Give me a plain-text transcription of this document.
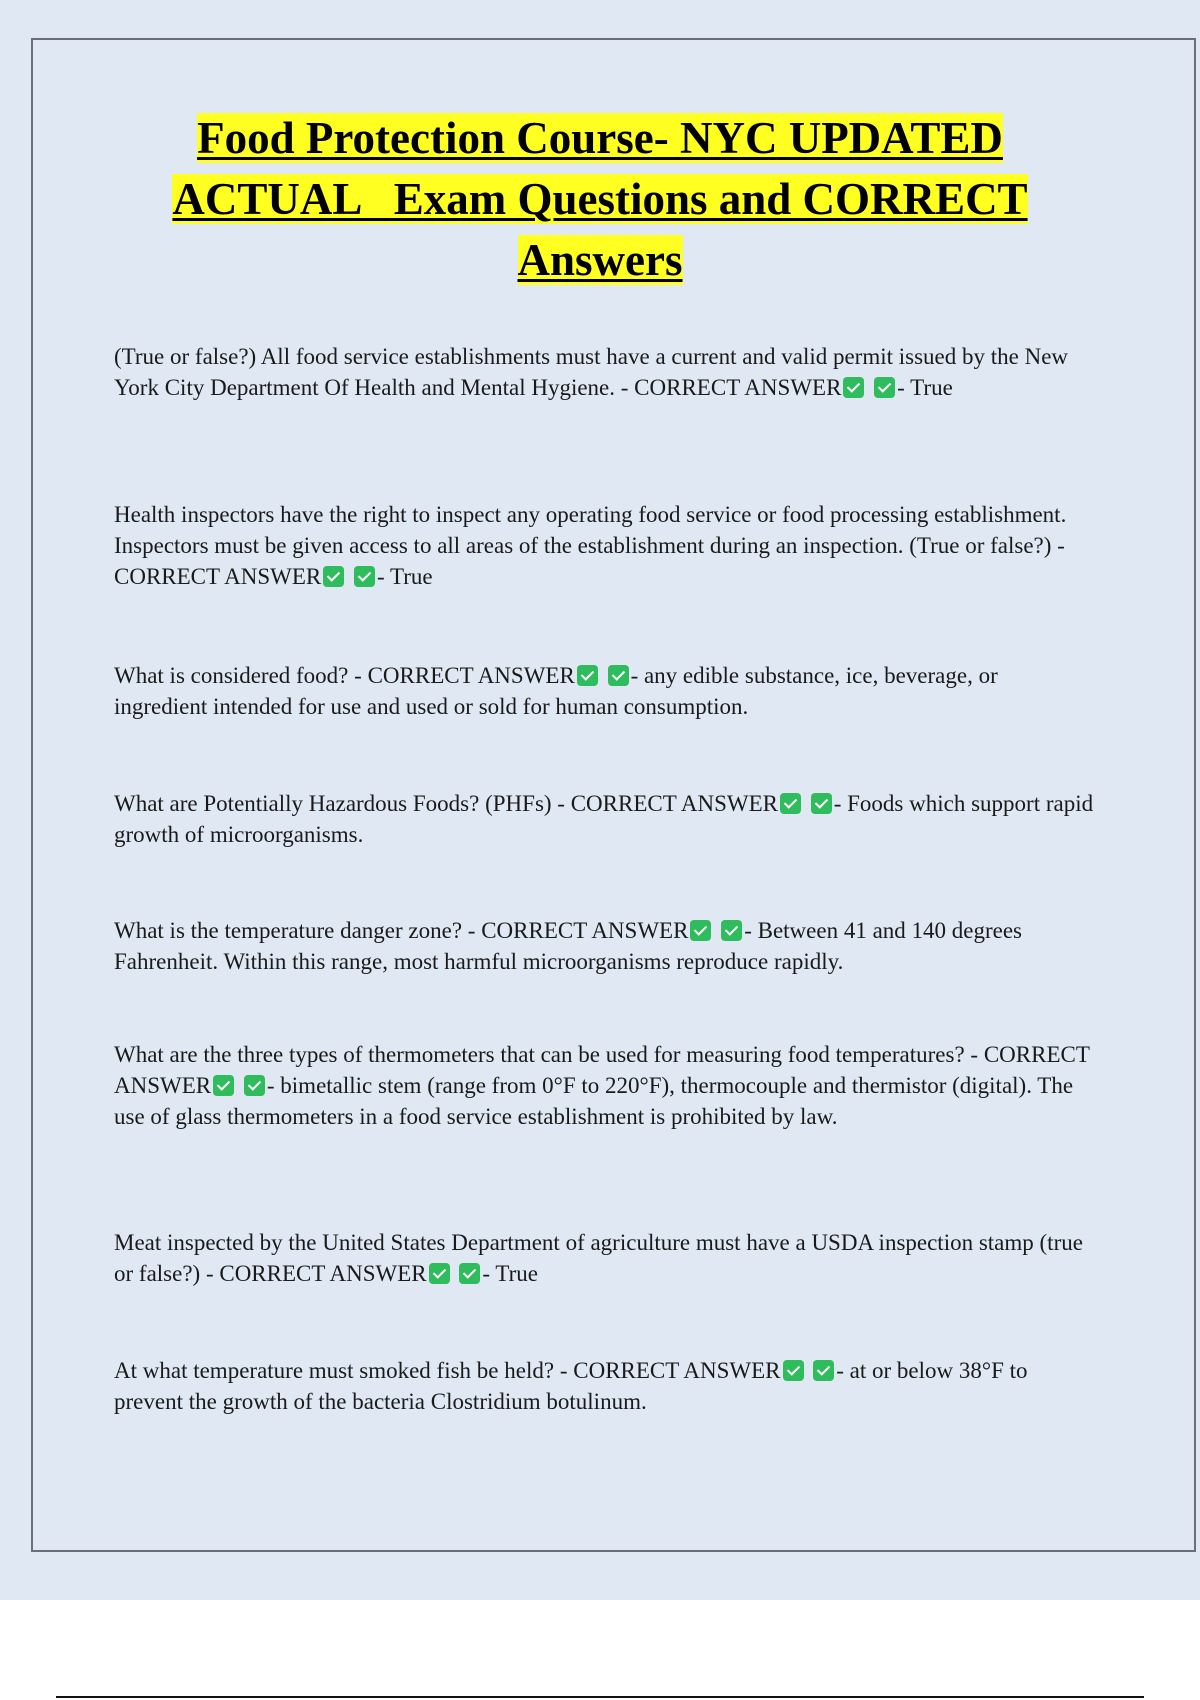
Food Protection Course- NYC UPDATED
ACTUAL   Exam Questions and CORRECT
Answers
(True or false?) All food service establishments must have a current and valid permit issued by the New York City Department Of Health and Mental Hygiene. - CORRECT ANSWER - True
Health inspectors have the right to inspect any operating food service or food processing establishment. Inspectors must be given access to all areas of the establishment during an inspection. (True or false?) - CORRECT ANSWER - True
What is considered food? - CORRECT ANSWER - any edible substance, ice, beverage, or ingredient intended for use and used or sold for human consumption.
What are Potentially Hazardous Foods? (PHFs) - CORRECT ANSWER - Foods which support rapid growth of microorganisms.
What is the temperature danger zone? - CORRECT ANSWER - Between 41 and 140 degrees Fahrenheit. Within this range, most harmful microorganisms reproduce rapidly.
What are the three types of thermometers that can be used for measuring food temperatures? - CORRECT ANSWER - bimetallic stem (range from 0°F to 220°F), thermocouple and thermistor (digital). The use of glass thermometers in a food service establishment is prohibited by law.
Meat inspected by the United States Department of agriculture must have a USDA inspection stamp (true or false?) - CORRECT ANSWER - True
At what temperature must smoked fish be held? - CORRECT ANSWER - at or below 38°F to prevent the growth of the bacteria Clostridium botulinum.
